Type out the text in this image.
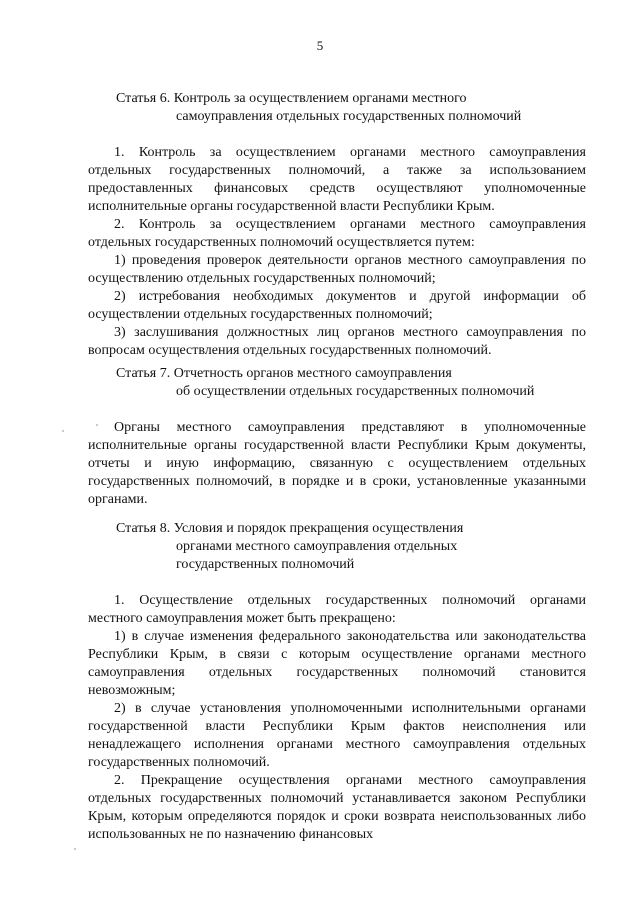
5
Статья 6. Контроль за осуществлением органами местного
самоуправления отдельных государственных полномочий

1. Контроль за осуществлением органами местного самоуправления отдельных государственных полномочий, а также за использованием предоставленных финансовых средств осуществляют уполномоченные исполнительные органы государственной власти Республики Крым.

2. Контроль за осуществлением органами местного самоуправления отдельных государственных полномочий осуществляется путем:

1) проведения проверок деятельности органов местного самоуправления по осуществлению отдельных государственных полномочий;

2) истребования необходимых документов и другой информации об осуществлении отдельных государственных полномочий;

3) заслушивания должностных лиц органов местного самоуправления по вопросам осуществления отдельных государственных полномочий.

Статья 7. Отчетность органов местного самоуправления
об осуществлении отдельных государственных полномочий

Органы местного самоуправления представляют в уполномоченные исполнительные органы государственной власти Республики Крым документы, отчеты и иную информацию, связанную с осуществлением отдельных государственных полномочий, в порядке и в сроки, установленные указанными органами.

Статья 8. Условия и порядок прекращения осуществления
органами местного самоуправления отдельных
государственных полномочий

1. Осуществление отдельных государственных полномочий органами местного самоуправления может быть прекращено:

1) в случае изменения федерального законодательства или законодательства Республики Крым, в связи с которым осуществление органами местного самоуправления отдельных государственных полномочий становится невозможным;

2) в случае установления уполномоченными исполнительными органами государственной власти Республики Крым фактов неисполнения или ненадлежащего исполнения органами местного самоуправления отдельных государственных полномочий.

2. Прекращение осуществления органами местного самоуправления отдельных государственных полномочий устанавливается законом Республики Крым, которым определяются порядок и сроки возврата неиспользованных либо использованных не по назначению финансовых
